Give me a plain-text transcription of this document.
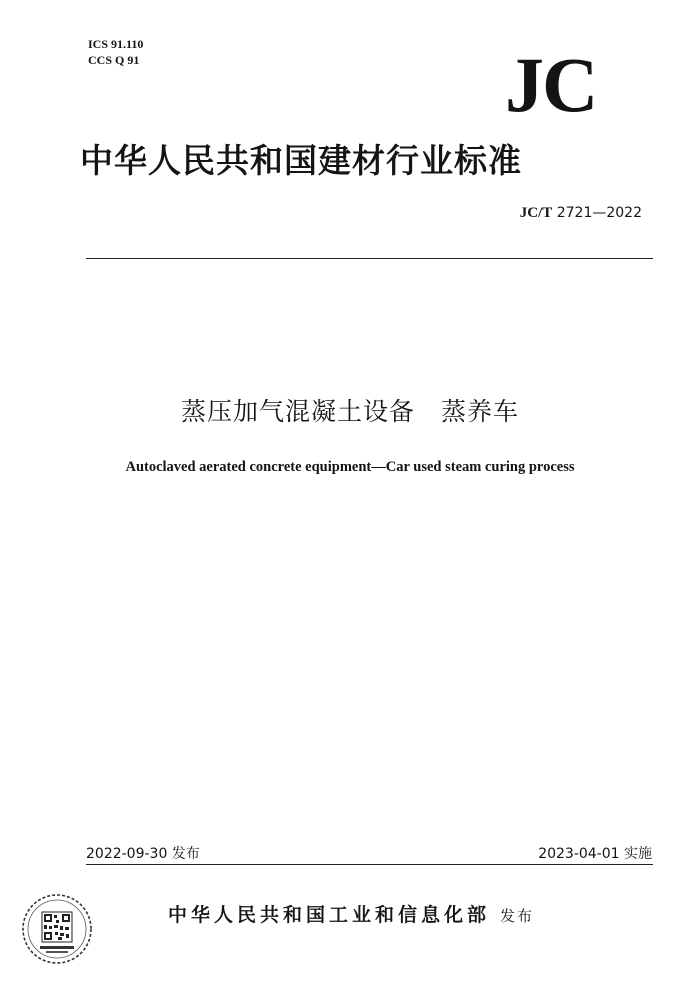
ICS 91.110
CCS Q 91	JC
中华人民共和国建材行业标准
JC/T 2721—2022
蒸压加气混凝土设备 蒸养车
Autoclaved aerated concrete equipment—Car used steam curing process
2022-09-30 发布	2023-04-01 实施
中华人民共和国工业和信息化部 发布
